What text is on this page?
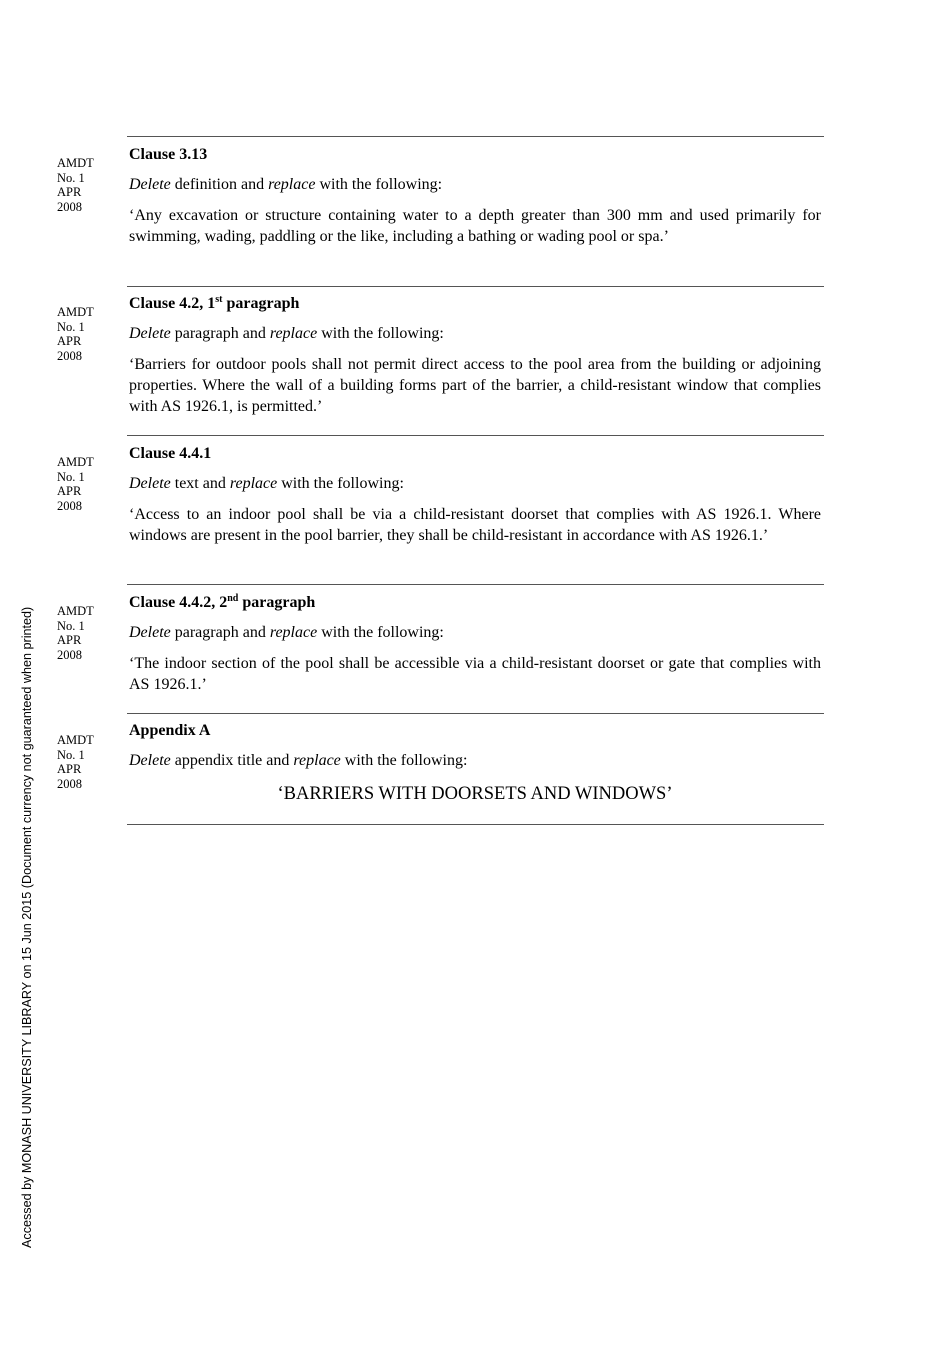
Accessed by MONASH UNIVERSITY LIBRARY on 15 Jun 2015 (Document currency not guaranteed when printed)
AMDT
No. 1
APR
2008

Clause 3.13

Delete definition and replace with the following:

‘Any excavation or structure containing water to a depth greater than 300 mm and used primarily for swimming, wading, paddling or the like, including a bathing or wading pool or spa.’

AMDT
No. 1
APR
2008

Clause 4.2, 1st paragraph

Delete paragraph and replace with the following:

‘Barriers for outdoor pools shall not permit direct access to the pool area from the building or adjoining properties. Where the wall of a building forms part of the barrier, a child-resistant window that complies with AS 1926.1, is permitted.’

AMDT
No. 1
APR
2008

Clause 4.4.1

Delete text and replace with the following:

‘Access to an indoor pool shall be via a child-resistant doorset that complies with AS 1926.1. Where windows are present in the pool barrier, they shall be child-resistant in accordance with AS 1926.1.’

AMDT
No. 1
APR
2008

Clause 4.4.2, 2nd paragraph

Delete paragraph and replace with the following:

‘The indoor section of the pool shall be accessible via a child-resistant doorset or gate that complies with AS 1926.1.’

AMDT
No. 1
APR
2008

Appendix A

Delete appendix title and replace with the following:

‘BARRIERS WITH DOORSETS AND WINDOWS’
